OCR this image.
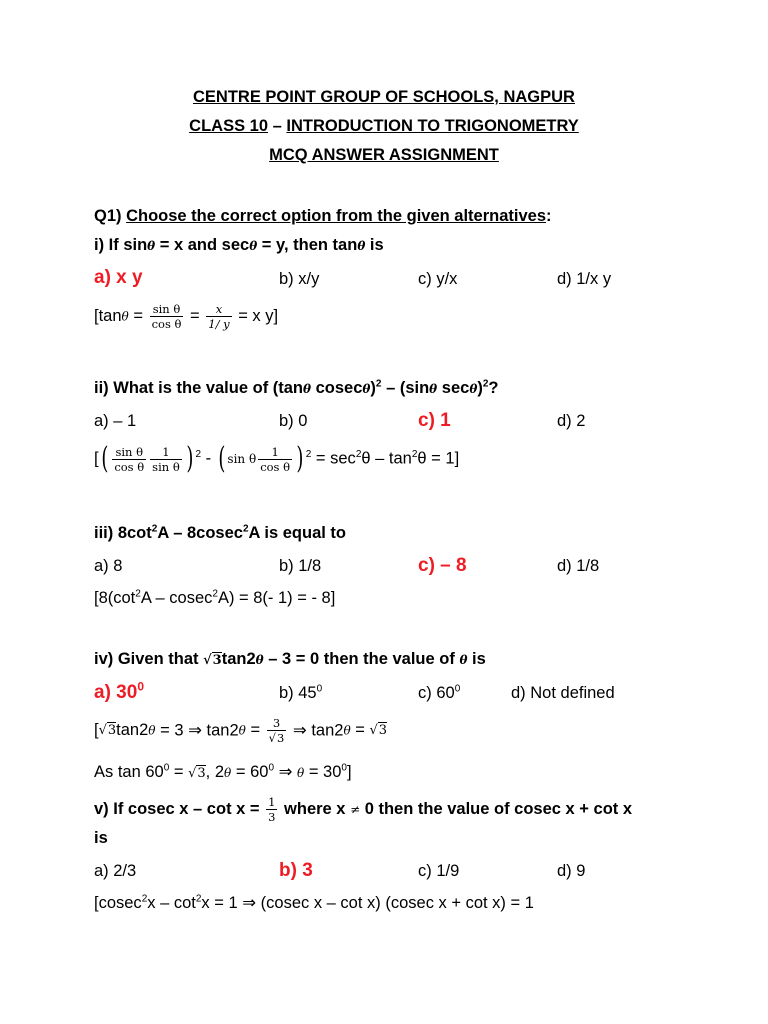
CENTRE POINT GROUP OF SCHOOLS, NAGPUR
CLASS 10 – INTRODUCTION TO TRIGONOMETRY
MCQ ANSWER ASSIGNMENT
Q1) Choose the correct option from the given alternatives:
i) If sinθ = x and secθ = y, then tanθ is
a) x y	b) x/y	c) y/x	d) 1/x y
[$\tan\theta = \frac{\text{sin θ}}{\text{cos θ}} = \frac{x}{1/ y} = x$ y]
ii) What is the value of (tanθ cosecθ)$^2$ – (sinθ secθ)$^2$?
a) – 1	b) 0	c) 1	d) 2
[( $\frac{\text{sin θ}}{\text{cos θ}} \frac{1}{\text{sin θ}}$ ) $^2$ - ( sin θ $\frac{1}{\text{cos θ}}$ ) $^2 = \sec^2\theta - \tan^2\theta = 1$]
iii) $8\cot^2A - 8cosec^2A$ is equal to
a) 8	b) 1/8	c) – 8	d) 1/8
[$8(\cot^2A - cosec^2A) = 8(-$ 1) = - 8]
iv) Given that √3tan2θ – 3 = 0 then the value of θ is
a) $30^0$	b) $45^0$	c) $60^0$	d) Not defined
[√3tan2θ = 3 ⇒ $\tan 2\theta = \frac{3}{√3}$ ⇒ tan2θ = √3
As $\tan 60^0 = √3$, $2\theta = 60^0$ ⇒ $\theta = 30^0$]
v) If cosec $x - \cot x = \frac{1}{3}$ where x ≠ 0 then the value of cosec x + cot x
is
a) 2/3	b) 3	c) 1/9	d) 9
[$cosec^2x - \cot^2x = 1$ ⇒ (cosec x – cot x) (cosec x + cot x) = 1
